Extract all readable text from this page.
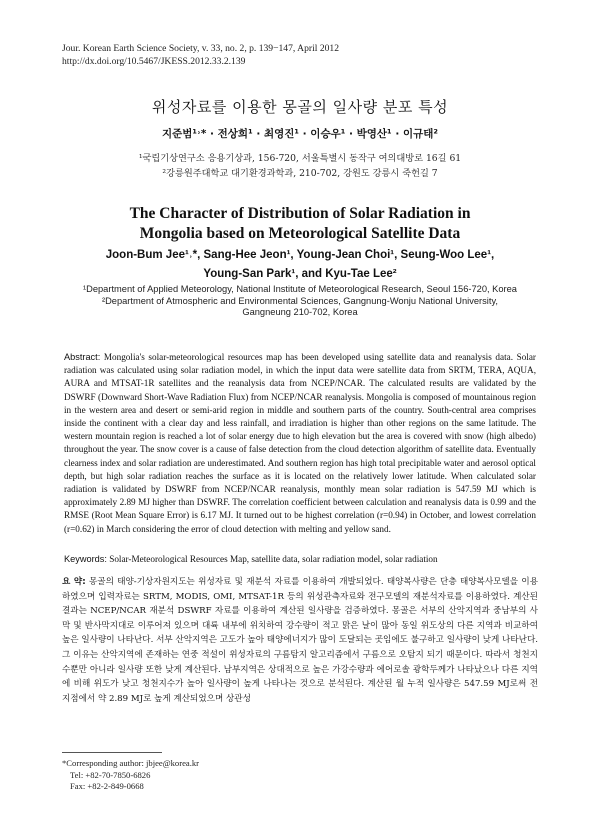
Jour. Korean Earth Science Society, v. 33, no. 2, p. 139−147, April 2012
http://dx.doi.org/10.5467/JKESS.2012.33.2.139
위성자료를 이용한 몽골의 일사량 분포 특성
지준범¹˒* · 전상희¹ · 최영진¹ · 이승우¹ · 박영산¹ · 이규태²
¹국립기상연구소 응용기상과, 156-720, 서울특별시 동작구 여의대방로 16길 61
²강릉원주대학교 대기환경과학과, 210-702, 강원도 강릉시 죽헌길 7
The Character of Distribution of Solar Radiation in
Mongolia based on Meteorological Satellite Data
Joon-Bum Jee¹˒*, Sang-Hee Jeon¹, Young-Jean Choi¹, Seung-Woo Lee¹,
Young-San Park¹, and Kyu-Tae Lee²
¹Department of Applied Meteorology, National Institute of Meteorological Research, Seoul 156-720, Korea
²Department of Atmospheric and Environmental Sciences, Gangnung-Wonju National University,
Gangneung 210-702, Korea
Abstract: Mongolia's solar-meteorological resources map has been developed using satellite data and reanalysis data. Solar radiation was calculated using solar radiation model, in which the input data were satellite data from SRTM, TERA, AQUA, AURA and MTSAT-1R satellites and the reanalysis data from NCEP/NCAR. The calculated results are validated by the DSWRF (Downward Short-Wave Radiation Flux) from NCEP/NCAR reanalysis. Mongolia is composed of mountainous region in the western area and desert or semi-arid region in middle and southern parts of the country. South-central area comprises inside the continent with a clear day and less rainfall, and irradiation is higher than other regions on the same latitude. The western mountain region is reached a lot of solar energy due to high elevation but the area is covered with snow (high albedo) throughout the year. The snow cover is a cause of false detection from the cloud detection algorithm of satellite data. Eventually clearness index and solar radiation are underestimated. And southern region has high total precipitable water and aerosol optical depth, but high solar radiation reaches the surface as it is located on the relatively lower latitude. When calculated solar radiation is validated by DSWRF from NCEP/NCAR reanalysis, monthly mean solar radiation is 547.59 MJ which is approximately 2.89 MJ higher than DSWRF. The correlation coefficient between calculation and reanalysis data is 0.99 and the RMSE (Root Mean Square Error) is 6.17 MJ. It turned out to be highest correlation (r=0.94) in October, and lowest correlation (r=0.62) in March considering the error of cloud detection with melting and yellow sand.
Keywords: Solar-Meteorological Resources Map, satellite data, solar radiation model, solar radiation
요 약: 몽골의 태양-기상자원지도는 위성자료 및 재분석 자료를 이용하여 개발되었다. 태양복사량은 단층 태양복사모델을 이용하였으며 입력자료는 SRTM, MODIS, OMI, MTSAT-1R 등의 위성관측자료와 전구모델의 재분석자료를 이용하였다. 계산된 결과는 NCEP/NCAR 재분석 DSWRF 자료를 이용하여 계산된 일사량을 검증하였다. 몽골은 서부의 산악지역과 중남부의 사막 및 반사막지대로 이루어져 있으며 대륙 내부에 위치하여 강수량이 적고 맑은 날이 많아 동일 위도상의 다른 지역과 비교하여 높은 일사량이 나타난다. 서부 산악지역은 고도가 높아 태양에너지가 많이 도달되는 곳임에도 불구하고 일사량이 낮게 나타난다. 그 이유는 산악지역에 존재하는 연중 적설이 위성자료의 구름탐지 알고리즘에서 구름으로 오탐지 되기 때문이다. 따라서 청천지수뿐만 아니라 일사량 또한 낮게 계산된다. 남부지역은 상대적으로 높은 가강수량과 에어로솔 광학두께가 나타났으나 다른 지역에 비해 위도가 낮고 청천지수가 높아 일사량이 높게 나타나는 것으로 분석된다. 계산된 월 누적 일사량은 547.59 MJ로써 전 지점에서 약 2.89 MJ로 높게 계산되었으며 상관성
*Corresponding author: jbjee@korea.kr
Tel: +82-70-7850-6826
Fax: +82-2-849-0668
